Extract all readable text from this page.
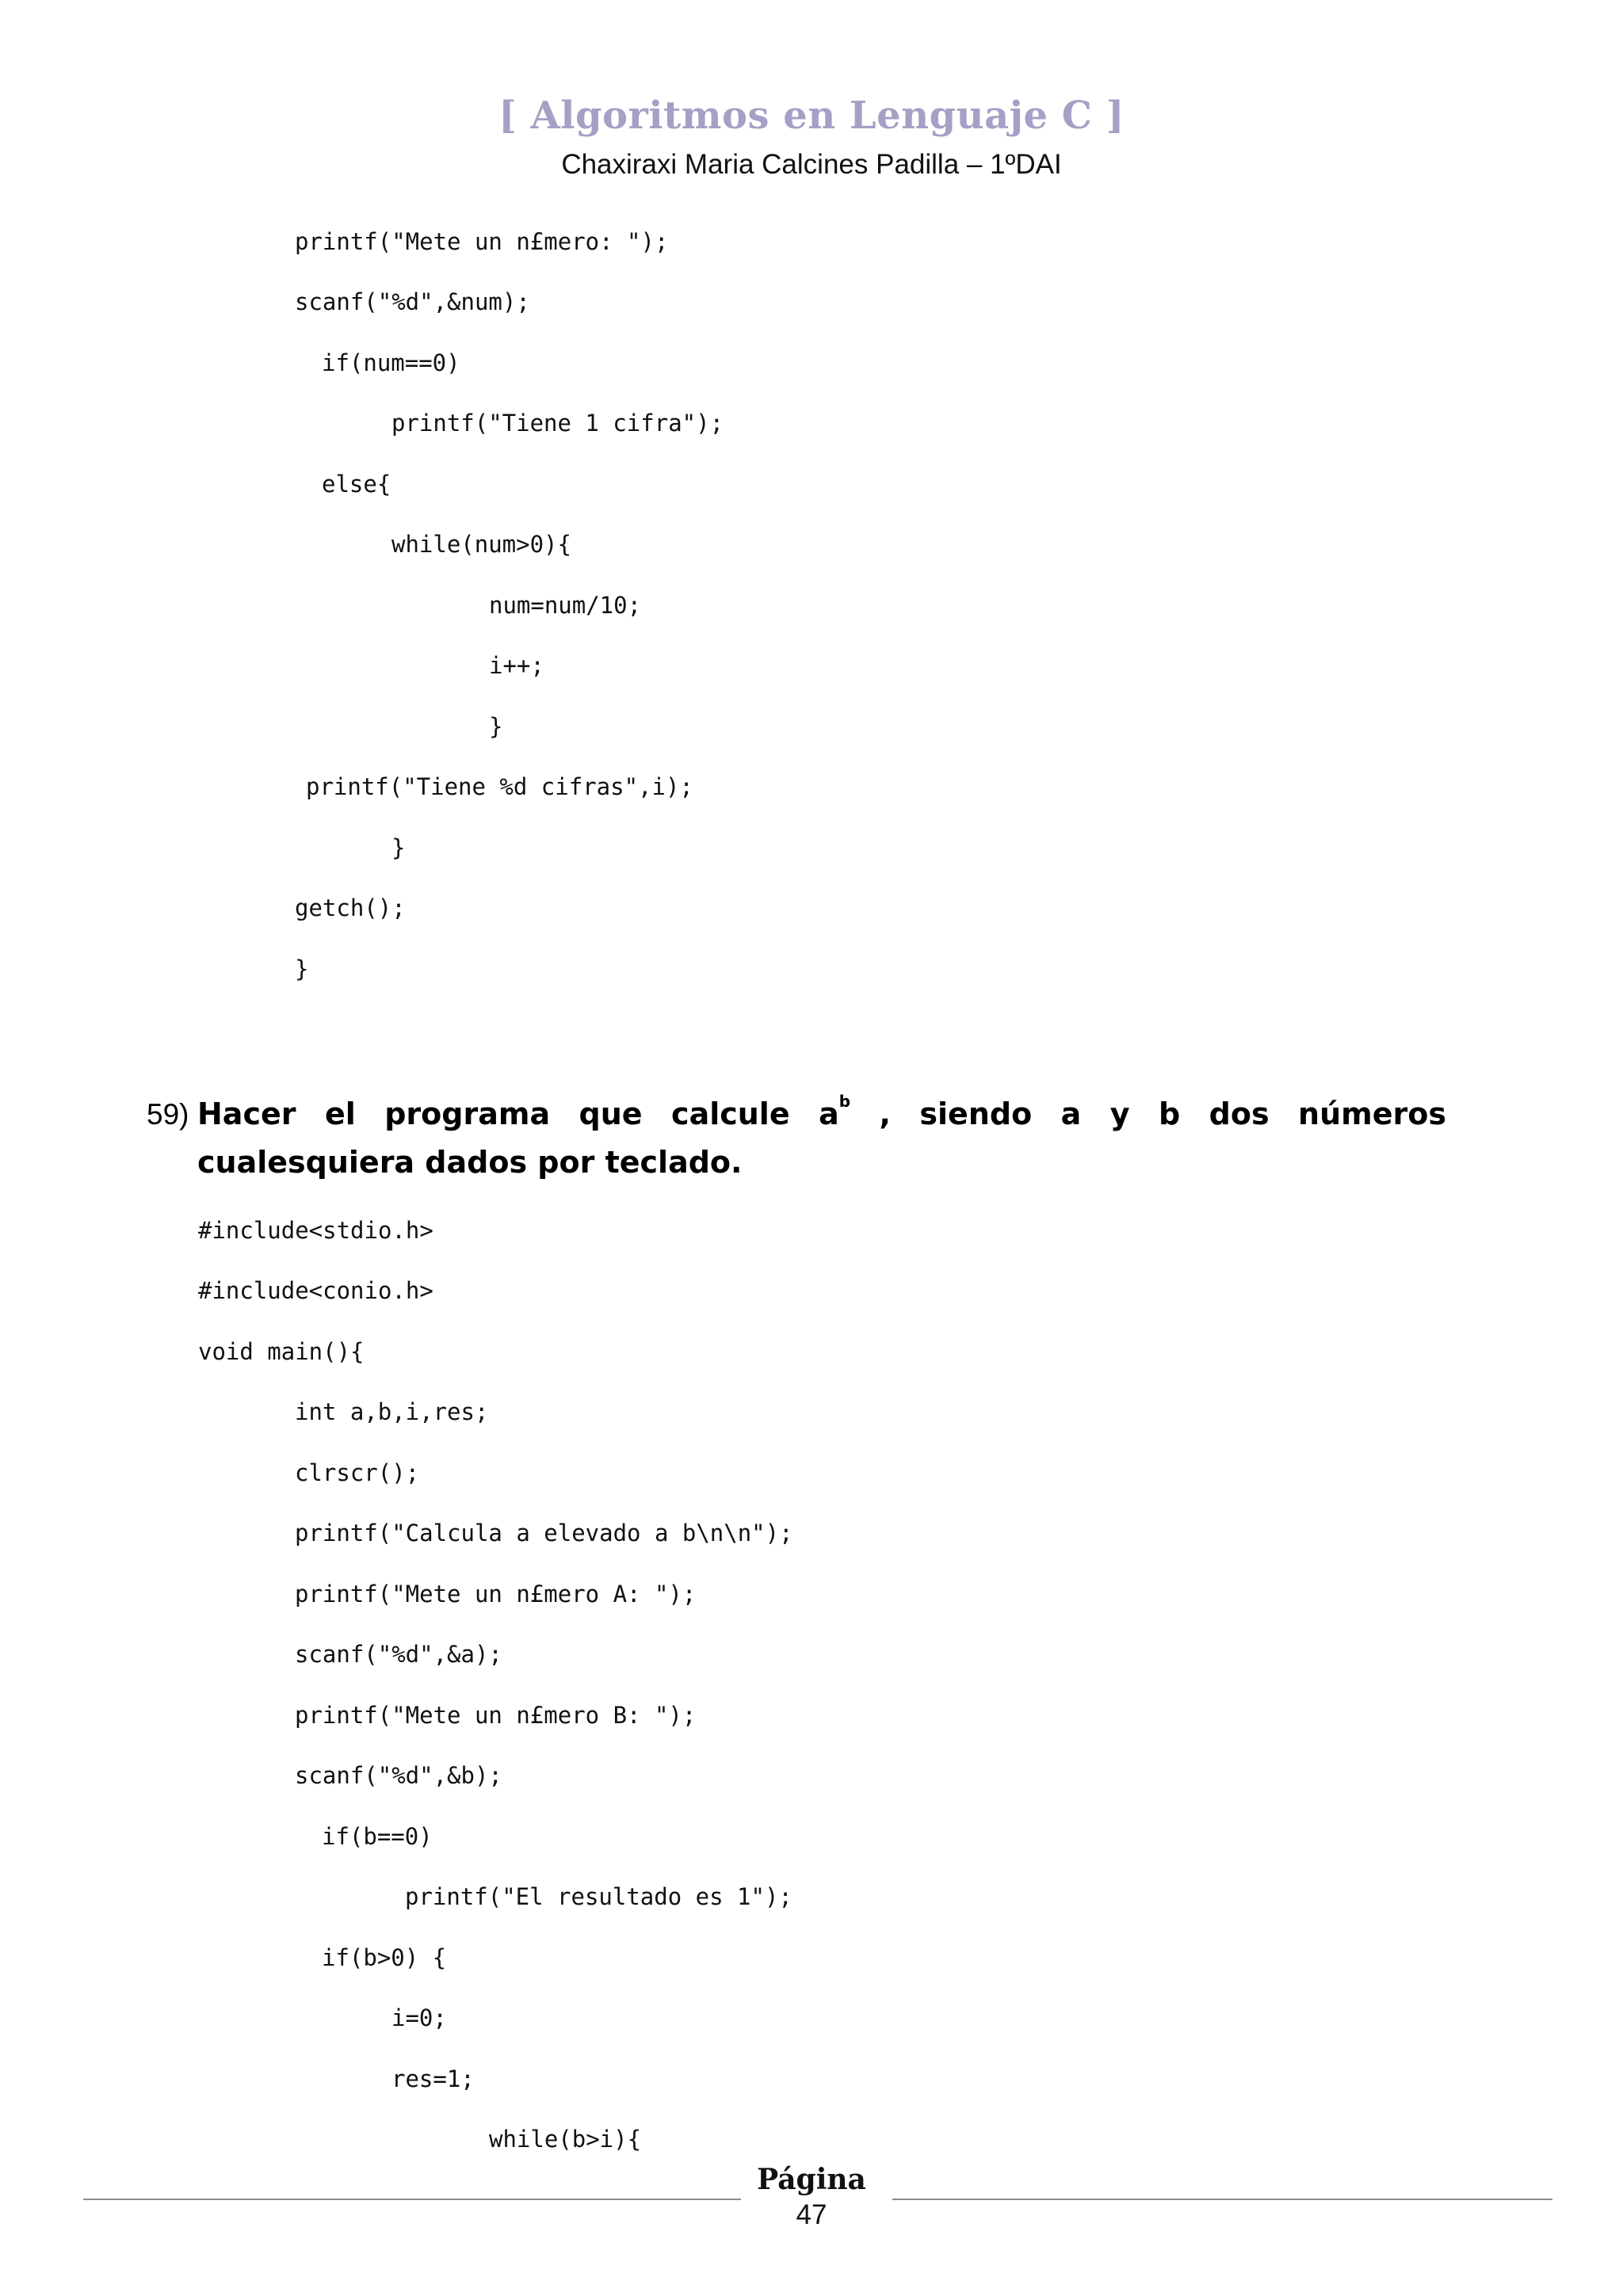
[ Algoritmos en Lenguaje C ]
Chaxiraxi Maria Calcines Padilla – 1ºDAI
printf("Mete un n£mero: ");
scanf("%d",&num);
if(num==0)
printf("Tiene 1 cifra");
else{
while(num>0){
num=num/10;
i++;
}
printf("Tiene %d cifras",i);
}
getch();
}
59) Hacer el programa que calcule $a^b$ , siendo a y b dos números cualesquiera dados por teclado.
#include<stdio.h>
#include<conio.h>
void main(){
int a,b,i,res;
clrscr();
printf("Calcula a elevado a b\n\n");
printf("Mete un n£mero A: ");
scanf("%d",&a);
printf("Mete un n£mero B: ");
scanf("%d",&b);
if(b==0)
printf("El resultado es 1");
if(b>0) {
i=0;
res=1;
while(b>i){
Página
47
